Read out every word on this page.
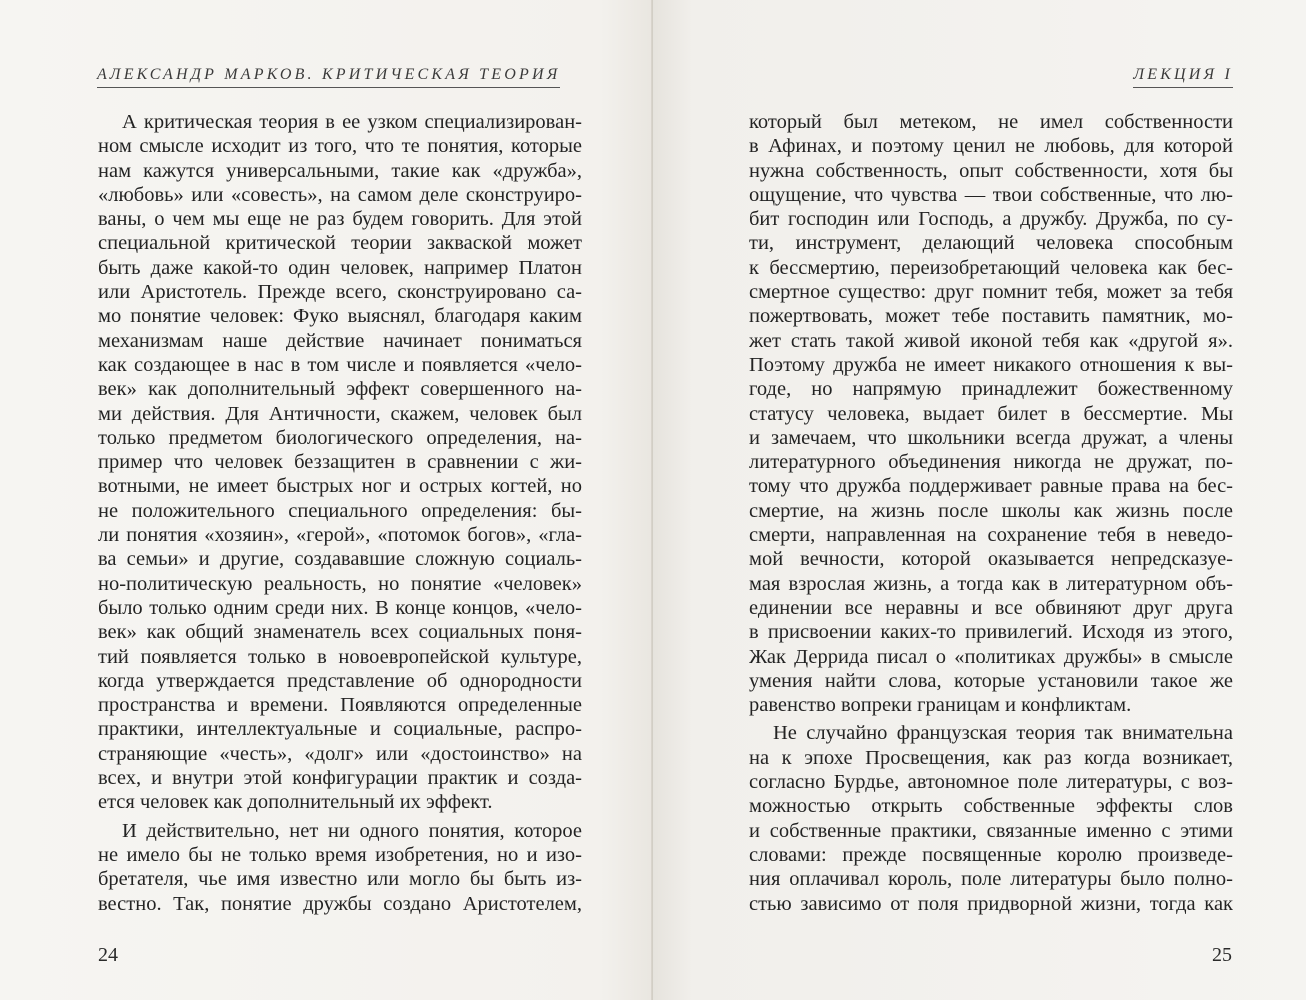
АЛЕКСАНДР МАРКОВ. КРИТИЧЕСКАЯ ТЕОРИЯ
А критическая теория в ее узком специализирован-
ном смысле исходит из того, что те понятия, которые
нам кажутся универсальными, такие как «дружба»,
«любовь» или «совесть», на самом деле сконструиро-
ваны, о чем мы еще не раз будем говорить. Для этой
специальной критической теории закваской может
быть даже какой-то один человек, например Платон
или Аристотель. Прежде всего, сконструировано са-
мо понятие человек: Фуко выяснял, благодаря каким
механизмам наше действие начинает пониматься
как создающее в нас в том числе и появляется «чело-
век» как дополнительный эффект совершенного на-
ми действия. Для Античности, скажем, человек был
только предметом биологического определения, на-
пример что человек беззащитен в сравнении с жи-
вотными, не имеет быстрых ног и острых когтей, но
не положительного специального определения: бы-
ли понятия «хозяин», «герой», «потомок богов», «гла-
ва семьи» и другие, создававшие сложную социаль-
но-политическую реальность, но понятие «человек»
было только одним среди них. В конце концов, «чело-
век» как общий знаменатель всех социальных поня-
тий появляется только в новоевропейской культуре,
когда утверждается представление об однородности
пространства и времени. Появляются определенные
практики, интеллектуальные и социальные, распро-
страняющие «честь», «долг» или «достоинство» на
всех, и внутри этой конфигурации практик и созда-
ется человек как дополнительный их эффект.
И действительно, нет ни одного понятия, которое
не имело бы не только время изобретения, но и изо-
бретателя, чье имя известно или могло бы быть из-
вестно. Так, понятие дружбы создано Аристотелем,
24
ЛЕКЦИЯ I
который был метеком, не имел собственности
в Афинах, и поэтому ценил не любовь, для которой
нужна собственность, опыт собственности, хотя бы
ощущение, что чувства — твои собственные, что лю-
бит господин или Господь, а дружбу. Дружба, по су-
ти, инструмент, делающий человека способным
к бессмертию, переизобретающий человека как бес-
смертное существо: друг помнит тебя, может за тебя
пожертвовать, может тебе поставить памятник, мо-
жет стать такой живой иконой тебя как «другой я».
Поэтому дружба не имеет никакого отношения к вы-
годе, но напрямую принадлежит божественному
статусу человека, выдает билет в бессмертие. Мы
и замечаем, что школьники всегда дружат, а члены
литературного объединения никогда не дружат, по-
тому что дружба поддерживает равные права на бес-
смертие, на жизнь после школы как жизнь после
смерти, направленная на сохранение тебя в неведо-
мой вечности, которой оказывается непредсказуе-
мая взрослая жизнь, а тогда как в литературном объ-
единении все неравны и все обвиняют друг друга
в присвоении каких-то привилегий. Исходя из этого,
Жак Деррида писал о «политиках дружбы» в смысле
умения найти слова, которые установили такое же
равенство вопреки границам и конфликтам.
Не случайно французская теория так внимательна
на к эпохе Просвещения, как раз когда возникает,
согласно Бурдье, автономное поле литературы, с воз-
можностью открыть собственные эффекты слов
и собственные практики, связанные именно с этими
словами: прежде посвященные королю произведе-
ния оплачивал король, поле литературы было полно-
стью зависимо от поля придворной жизни, тогда как
25
